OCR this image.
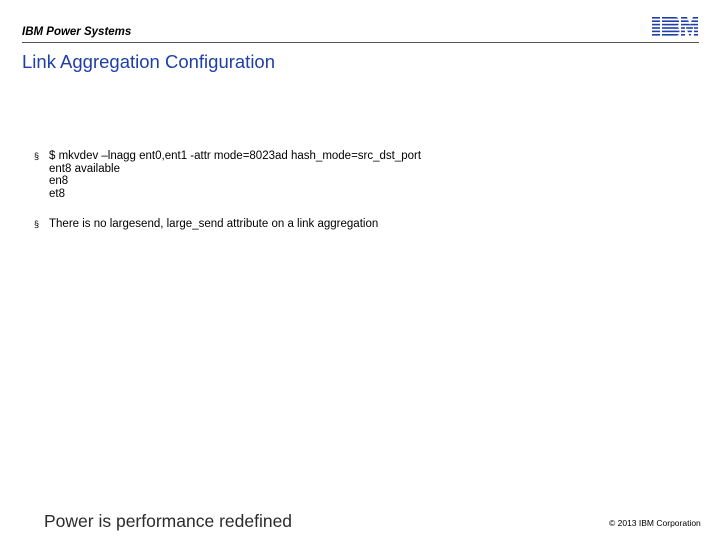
IBM Power Systems
Link Aggregation Configuration
§ $ mkvdev –lnagg ent0,ent1 -attr mode=8023ad hash_mode=src_dst_port
ent8 available
en8
et8
§ There is no largesend, large_send attribute on a link aggregation
Power is performance redefined	© 2013 IBM Corporation
